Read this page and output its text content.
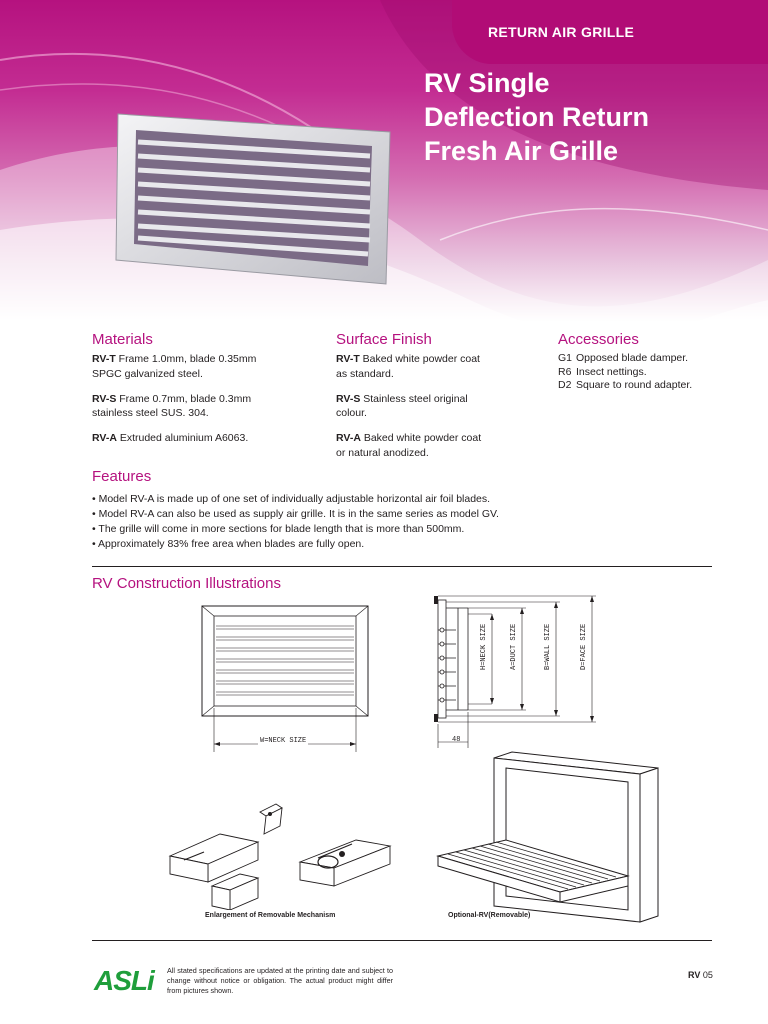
RETURN AIR GRILLE
RV Single
Deflection Return
Fresh Air Grille
Materials

RV-T Frame 1.0mm, blade 0.35mm
SPGC galvanized steel.

RV-S Frame 0.7mm, blade 0.3mm
stainless steel SUS. 304.

RV-A Extruded aluminium A6063.

Surface Finish

RV-T Baked white powder coat
as standard.

RV-S Stainless steel original
colour.

RV-A Baked white powder coat
or natural anodized.

Accessories
G1 Opposed blade damper.
R6 Insect nettings.
D2 Square to round adapter.
Features
• Model RV-A is made up of one set of individually adjustable horizontal air foil blades.
• Model RV-A can also be used as supply air grille. It is in the same series as model GV.
• The grille will come in more sections for blade length that is more than 500mm.
• Approximately 83% free area when blades are fully open.
RV Construction Illustrations
W=NECK SIZE
H=NECK SIZE	A=DUCT SIZE	B=WALL SIZE	D=FACE SIZE
48
Enlargement of Removable Mechanism	Optional-RV(Removable)
ASLi	All stated specifications are updated at the printing date and subject to change without notice or obligation. The actual product might differ from pictures shown.
RV 05
